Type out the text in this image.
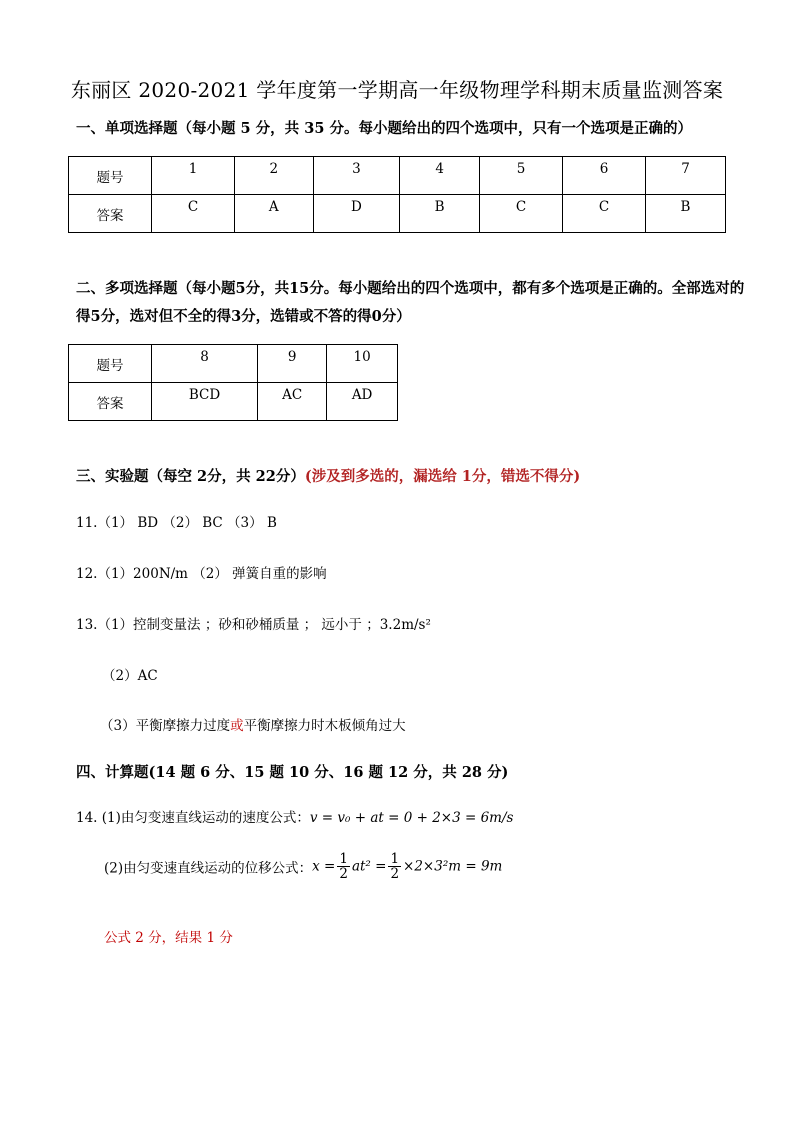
东丽区 2020-2021 学年度第一学期高一年级物理学科期末质量监测答案
一、单项选择题（每小题 5 分，共 35 分。每小题给出的四个选项中，只有一个选项是正确的）
题号	1	2	3	4	5	6	7
答案	C	A	D	B	C	C	B
二、多项选择题（每小题5分，共15分。每小题给出的四个选项中，都有多个选项是正确的。全部选对的
得5分，选对但不全的得3分，选错或不答的得0分）
题号	8	9	10
答案	BCD	AC	AD
三、实验题（每空 2分，共 22分）(涉及到多选的，漏选给 1分，错选不得分)
11.（1） BD （2） BC （3） B
12.（1）200N/m （2） 弹簧自重的影响
13.（1）控制变量法 ；砂和砂桶质量 ； 远小于 ；3.2m/s²
（2）AC
（3）平衡摩擦力过度或平衡摩擦力时木板倾角过大
四、计算题(14 题 6 分、15 题 10 分、16 题 12 分，共 28 分)
14. (1)由匀变速直线运动的速度公式：v = v₀ + at = 0 + 2×3 = 6m/s
(2)由匀变速直线运动的位移公式：$x = \frac{1}{2} at^2 = \frac{1}{2} \times 2\times 3^2m = 9m$
公式 2 分，结果 1 分
